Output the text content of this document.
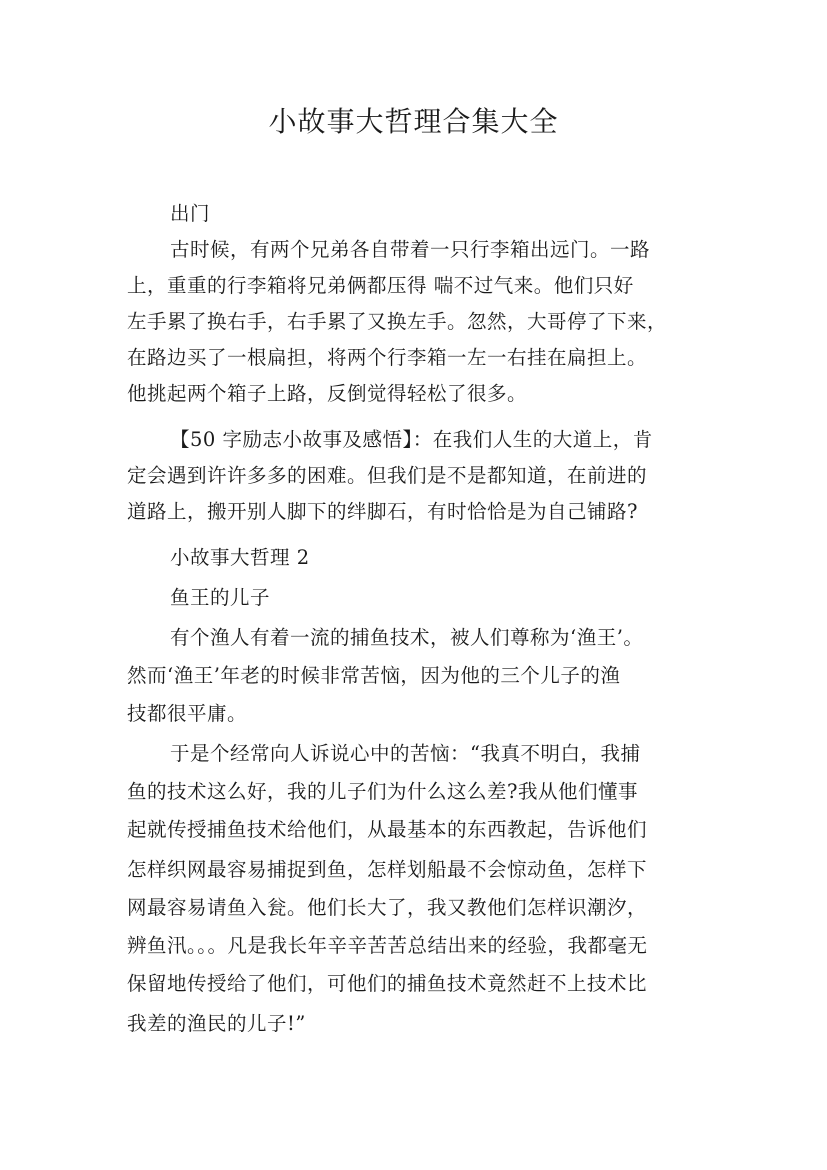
小故事大哲理合集大全
出门
古时候，有两个兄弟各自带着一只行李箱出远门。一路
上，重重的行李箱将兄弟俩都压得 喘不过气来。他们只好
左手累了换右手，右手累了又换左手。忽然，大哥停了下来，
在路边买了一根扁担，将两个行李箱一左一右挂在扁担上。
他挑起两个箱子上路，反倒觉得轻松了很多。
【50 字励志小故事及感悟】：在我们人生的大道上，肯
定会遇到许许多多的困难。但我们是不是都知道，在前进的
道路上，搬开别人脚下的绊脚石，有时恰恰是为自己铺路?
小故事大哲理 2
鱼王的儿子
有个渔人有着一流的捕鱼技术，被人们尊称为‘渔王’。
然而‘渔王’年老的时候非常苦恼，因为他的三个儿子的渔
技都很平庸。
于是个经常向人诉说心中的苦恼：“我真不明白，我捕
鱼的技术这么好，我的儿子们为什么这么差?我从他们懂事
起就传授捕鱼技术给他们，从最基本的东西教起，告诉他们
怎样织网最容易捕捉到鱼，怎样划船最不会惊动鱼，怎样下
网最容易请鱼入瓮。他们长大了，我又教他们怎样识潮汐，
辨鱼汛。。。凡是我长年辛辛苦苦总结出来的经验，我都毫无
保留地传授给了他们，可他们的捕鱼技术竟然赶不上技术比
我差的渔民的儿子!”
